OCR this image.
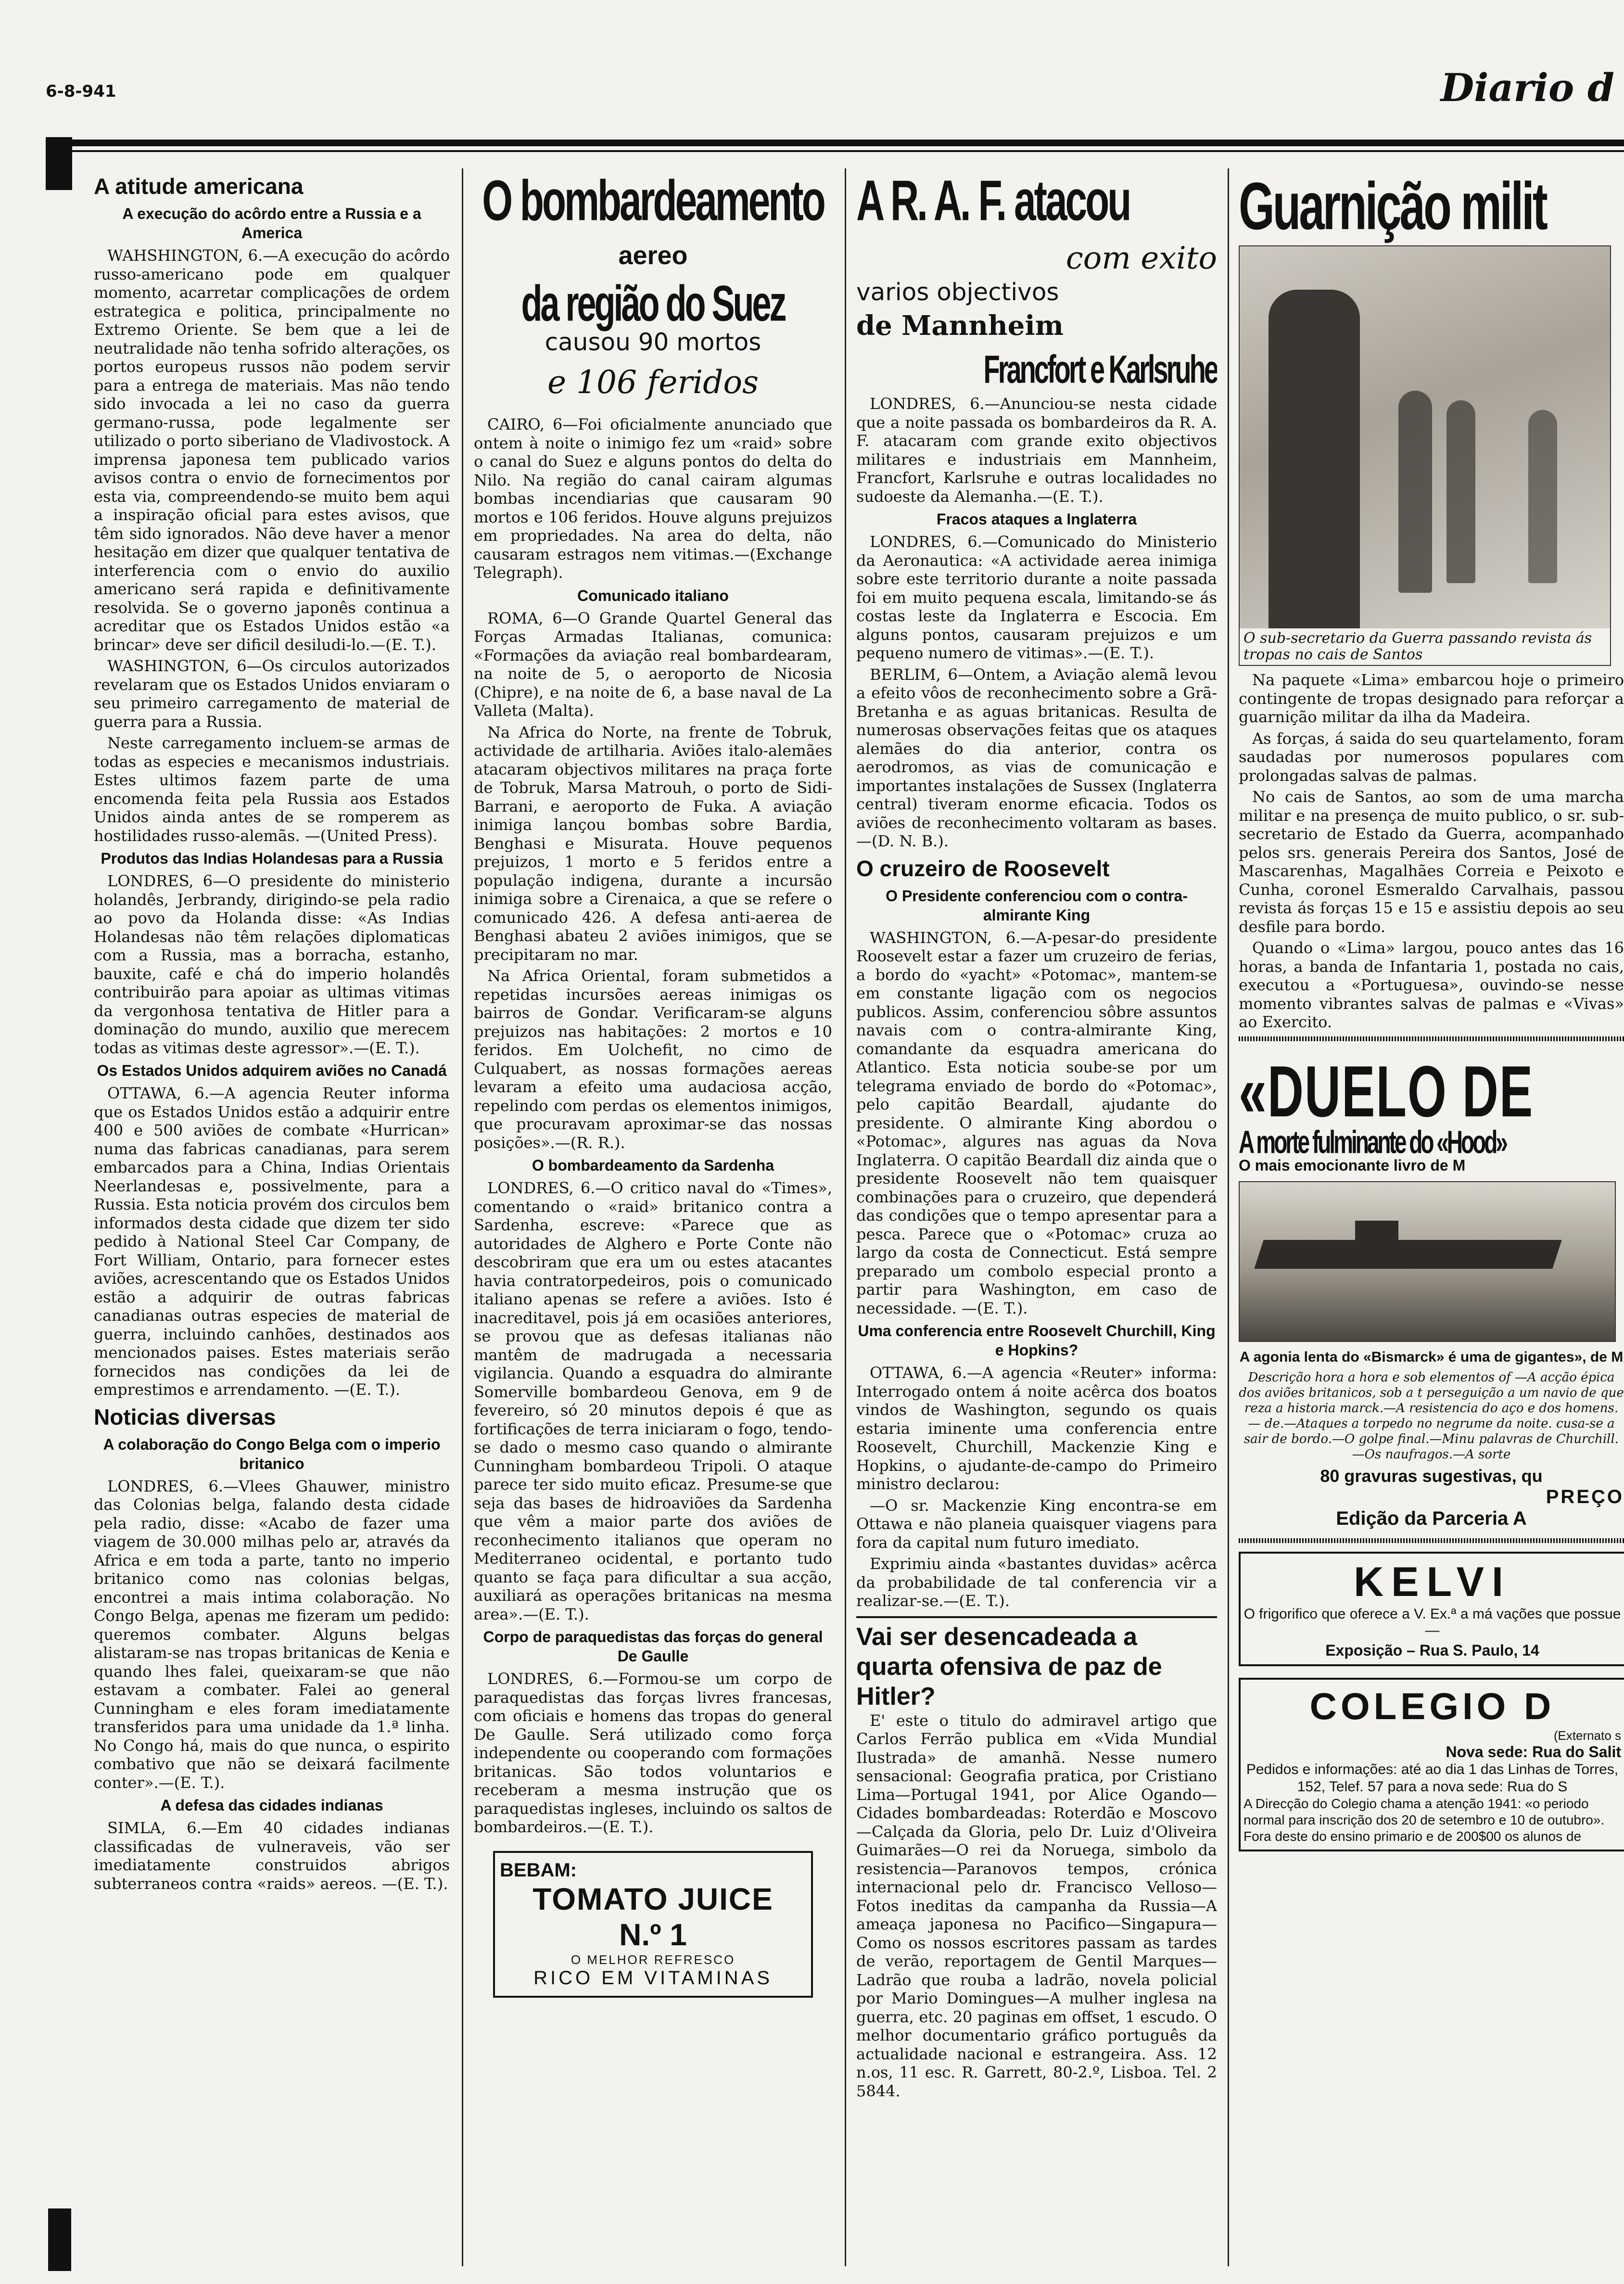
6-8-941	Diario d
A atitude americana
A execução do acôrdo entre a Russia e a America

WAHSHINGTON, 6.—A execução do acôrdo russo-americano pode em qualquer momento, acarretar complicações de ordem estrategica e politica, principalmente no Extremo Oriente. Se bem que a lei de neutralidade não tenha sofrido alterações, os portos europeus russos não podem servir para a entrega de materiais. Mas não tendo sido invocada a lei no caso da guerra germano-russa, pode legalmente ser utilizado o porto siberiano de Vladivostock. A imprensa japonesa tem publicado varios avisos contra o envio de fornecimentos por esta via, compreendendo-se muito bem aqui a inspiração oficial para estes avisos, que têm sido ignorados. Não deve haver a menor hesitação em dizer que qualquer tentativa de interferencia com o envio do auxilio americano será rapida e definitivamente resolvida. Se o governo japonês continua a acreditar que os Estados Unidos estão «a brincar» deve ser dificil desiludi-lo.—(E. T.).

WASHINGTON, 6—Os circulos autorizados revelaram que os Estados Unidos enviaram o seu primeiro carregamento de material de guerra para a Russia.

Neste carregamento incluem-se armas de todas as especies e mecanismos industriais. Estes ultimos fazem parte de uma encomenda feita pela Russia aos Estados Unidos ainda antes de se romperem as hostilidades russo-alemãs. —(United Press).

Produtos das Indias Holandesas para a Russia

LONDRES, 6—O presidente do ministerio holandês, Jerbrandy, dirigindo-se pela radio ao povo da Holanda disse: «As Indias Holandesas não têm relações diplomaticas com a Russia, mas a borracha, estanho, bauxite, café e chá do imperio holandês contribuirão para apoiar as ultimas vitimas da vergonhosa tentativa de Hitler para a dominação do mundo, auxilio que merecem todas as vitimas deste agressor».—(E. T.).

Os Estados Unidos adquirem aviões no Canadá

OTTAWA, 6.—A agencia Reuter informa que os Estados Unidos estão a adquirir entre 400 e 500 aviões de combate «Hurrican» numa das fabricas canadianas, para serem embarcados para a China, Indias Orientais Neerlandesas e, possivelmente, para a Russia. Esta noticia provém dos circulos bem informados desta cidade que dizem ter sido pedido à National Steel Car Company, de Fort William, Ontario, para fornecer estes aviões, acrescentando que os Estados Unidos estão a adquirir de outras fabricas canadianas outras especies de material de guerra, incluindo canhões, destinados aos mencionados paises. Estes materiais serão fornecidos nas condições da lei de emprestimos e arrendamento. —(E. T.).

Noticias diversas
A colaboração do Congo Belga com o imperio britanico

LONDRES, 6.—Vlees Ghauwer, ministro das Colonias belga, falando desta cidade pela radio, disse: «Acabo de fazer uma viagem de 30.000 milhas pelo ar, através da Africa e em toda a parte, tanto no imperio britanico como nas colonias belgas, encontrei a mais intima colaboração. No Congo Belga, apenas me fizeram um pedido: queremos combater. Alguns belgas alistaram-se nas tropas britanicas de Kenia e quando lhes falei, queixaram-se que não estavam a combater. Falei ao general Cunningham e eles foram imediatamente transferidos para uma unidade da 1.ª linha. No Congo há, mais do que nunca, o espirito combativo que não se deixará facilmente conter».—(E. T.).

A defesa das cidades indianas

SIMLA, 6.—Em 40 cidades indianas classificadas de vulneraveis, vão ser imediatamente construidos abrigos subterraneos contra «raids» aereos. —(E. T.).

O bombardeamento
aereo
da região do Suez
causou 90 mortos
e 106 feridos

CAIRO, 6—Foi oficialmente anunciado que ontem à noite o inimigo fez um «raid» sobre o canal do Suez e alguns pontos do delta do Nilo. Na região do canal cairam algumas bombas incendiarias que causaram 90 mortos e 106 feridos. Houve alguns prejuizos em propriedades. Na area do delta, não causaram estragos nem vitimas.—(Exchange Telegraph).

Comunicado italiano

ROMA, 6—O Grande Quartel General das Forças Armadas Italianas, comunica: «Formações da aviação real bombardearam, na noite de 5, o aeroporto de Nicosia (Chipre), e na noite de 6, a base naval de La Valleta (Malta).

Na Africa do Norte, na frente de Tobruk, actividade de artilharia. Aviões italo-alemães atacaram objectivos militares na praça forte de Tobruk, Marsa Matrouh, o porto de Sidi-Barrani, e aeroporto de Fuka. A aviação inimiga lançou bombas sobre Bardia, Benghasi e Misurata. Houve pequenos prejuizos, 1 morto e 5 feridos entre a população indigena, durante a incursão inimiga sobre a Cirenaica, a que se refere o comunicado 426. A defesa anti-aerea de Benghasi abateu 2 aviões inimigos, que se precipitaram no mar.

Na Africa Oriental, foram submetidos a repetidas incursões aereas inimigas os bairros de Gondar. Verificaram-se alguns prejuizos nas habitações: 2 mortos e 10 feridos. Em Uolchefit, no cimo de Culquabert, as nossas formações aereas levaram a efeito uma audaciosa acção, repelindo com perdas os elementos inimigos, que procuravam aproximar-se das nossas posições».—(R. R.).

O bombardeamento da Sardenha

LONDRES, 6.—O critico naval do «Times», comentando o «raid» britanico contra a Sardenha, escreve: «Parece que as autoridades de Alghero e Porte Conte não descobriram que era um ou estes atacantes havia contratorpedeiros, pois o comunicado italiano apenas se refere a aviões. Isto é inacreditavel, pois já em ocasiões anteriores, se provou que as defesas italianas não mantêm de madrugada a necessaria vigilancia. Quando a esquadra do almirante Somerville bombardeou Genova, em 9 de fevereiro, só 20 minutos depois é que as fortificações de terra iniciaram o fogo, tendo-se dado o mesmo caso quando o almirante Cunningham bombardeou Tripoli. O ataque parece ter sido muito eficaz. Presume-se que seja das bases de hidroaviões da Sardenha que vêm a maior parte dos aviões de reconhecimento italianos que operam no Mediterraneo ocidental, e portanto tudo quanto se faça para dificultar a sua acção, auxiliará as operações britanicas na mesma area».—(E. T.).

Corpo de paraquedistas das forças do general De Gaulle

LONDRES, 6.—Formou-se um corpo de paraquedistas das forças livres francesas, com oficiais e homens das tropas do general De Gaulle. Será utilizado como força independente ou cooperando com formações britanicas. São todos voluntarios e receberam a mesma instrução que os paraquedistas ingleses, incluindo os saltos de bombardeiros.—(E. T.).

BEBAM:
TOMATO JUICE
N.º 1
O MELHOR REFRESCO
RICO EM VITAMINAS
A R. A. F. atacou
com exito
varios objectivos
de Mannheim
Francfort e Karlsruhe

LONDRES, 6.—Anunciou-se nesta cidade que a noite passada os bombardeiros da R. A. F. atacaram com grande exito objectivos militares e industriais em Mannheim, Francfort, Karlsruhe e outras localidades no sudoeste da Alemanha.—(E. T.).

Fracos ataques a Inglaterra

LONDRES, 6.—Comunicado do Ministerio da Aeronautica: «A actividade aerea inimiga sobre este territorio durante a noite passada foi em muito pequena escala, limitando-se ás costas leste da Inglaterra e Escocia. Em alguns pontos, causaram prejuizos e um pequeno numero de vitimas».—(E. T.).

BERLIM, 6—Ontem, a Aviação alemã levou a efeito vôos de reconhecimento sobre a Grã-Bretanha e as aguas britanicas. Resulta de numerosas observações feitas que os ataques alemães do dia anterior, contra os aerodromos, as vias de comunicação e importantes instalações de Sussex (Inglaterra central) tiveram enorme eficacia. Todos os aviões de reconhecimento voltaram as bases.—(D. N. B.).

O cruzeiro de Roosevelt
O Presidente conferenciou com o contra-almirante King

WASHINGTON, 6.—A-pesar-do presidente Roosevelt estar a fazer um cruzeiro de ferias, a bordo do «yacht» «Potomac», mantem-se em constante ligação com os negocios publicos. Assim, conferenciou sôbre assuntos navais com o contra-almirante King, comandante da esquadra americana do Atlantico. Esta noticia soube-se por um telegrama enviado de bordo do «Potomac», pelo capitão Beardall, ajudante do presidente. O almirante King abordou o «Potomac», algures nas aguas da Nova Inglaterra. O capitão Beardall diz ainda que o presidente Roosevelt não tem quaisquer combinações para o cruzeiro, que dependerá das condições que o tempo apresentar para a pesca. Parece que o «Potomac» cruza ao largo da costa de Connecticut. Está sempre preparado um combolo especial pronto a partir para Washington, em caso de necessidade. —(E. T.).

Uma conferencia entre Roosevelt Churchill, King e Hopkins?

OTTAWA, 6.—A agencia «Reuter» informa: Interrogado ontem á noite acêrca dos boatos vindos de Washington, segundo os quais estaria iminente uma conferencia entre Roosevelt, Churchill, Mackenzie King e Hopkins, o ajudante-de-campo do Primeiro ministro declarou:

—O sr. Mackenzie King encontra-se em Ottawa e não planeia quaisquer viagens para fora da capital num futuro imediato.

Exprimiu ainda «bastantes duvidas» acêrca da probabilidade de tal conferencia vir a realizar-se.—(E. T.).

Vai ser desencadeada a quarta ofensiva de paz de Hitler?

E' este o titulo do admiravel artigo que Carlos Ferrão publica em «Vida Mundial Ilustrada» de amanhã. Nesse numero sensacional: Geografia pratica, por Cristiano Lima—Portugal 1941, por Alice Ogando—Cidades bombardeadas: Roterdão e Moscovo—Calçada da Gloria, pelo Dr. Luiz d'Oliveira Guimarães—O rei da Noruega, simbolo da resistencia—Paranovos tempos, crónica internacional pelo dr. Francisco Velloso—Fotos ineditas da campanha da Russia—A ameaça japonesa no Pacifico—Singapura—Como os nossos escritores passam as tardes de verão, reportagem de Gentil Marques—Ladrão que rouba a ladrão, novela policial por Mario Domingues—A mulher inglesa na guerra, etc. 20 paginas em offset, 1 escudo. O melhor documentario gráfico português da actualidade nacional e estrangeira. Ass. 12 n.os, 11 esc. R. Garrett, 80-2.º, Lisboa. Tel. 2 5844.

Guarnição milit
O sub-secretario da Guerra passando revista ás tropas no cais de Santos

Na paquete «Lima» embarcou hoje o primeiro contingente de tropas designado para reforçar a guarnição militar da ilha da Madeira.

As forças, á saida do seu quartelamento, foram saudadas por numerosos populares com prolongadas salvas de palmas.

No cais de Santos, ao som de uma marcha militar e na presença de muito publico, o sr. sub-secretario de Estado da Guerra, acompanhado pelos srs. generais Pereira dos Santos, José de Mascarenhas, Magalhães Correia e Peixoto e Cunha, coronel Esmeraldo Carvalhais, passou revista ás forças 15 e 15 e assistiu depois ao seu desfile para bordo.

Quando o «Lima» largou, pouco antes das 16 horas, a banda de Infantaria 1, postada no cais, executou a «Portuguesa», ouvindo-se nesse momento vibrantes salvas de palmas e «Vivas» ao Exercito.

«DUELO DE
A morte fulminante do «Hood»
O mais emocionante livro de M
A agonia lenta do «Bismarck» é uma de gigantes», de M
Descrição hora a hora e sob elementos of —A acção épica dos aviões britanicos, sob a t perseguição a um navio de que reza a historia marck.—A resistencia do aço e dos homens.— de.—Ataques a torpedo no negrume da noite. cusa-se a sair de bordo.—O golpe final.—Minu palavras de Churchill.—Os naufragos.—A sorte
80 gravuras sugestivas, qu
PREÇO
Edição da Parceria A
KELVI
O frigorifico que oferece a V. Ex.ª a má vações que possue —
Exposição – Rua S. Paulo, 14
COLEGIO D
(Externato s
Nova sede: Rua do Salit
Pedidos e informações: até ao dia 1 das Linhas de Torres, 152, Telef. 57 para a nova sede: Rua do S
A Direcção do Colegio chama a atenção 1941: «o periodo normal para inscrição dos 20 de setembro e 10 de outubro». Fora deste do ensino primario e de 200$00 os alunos de
